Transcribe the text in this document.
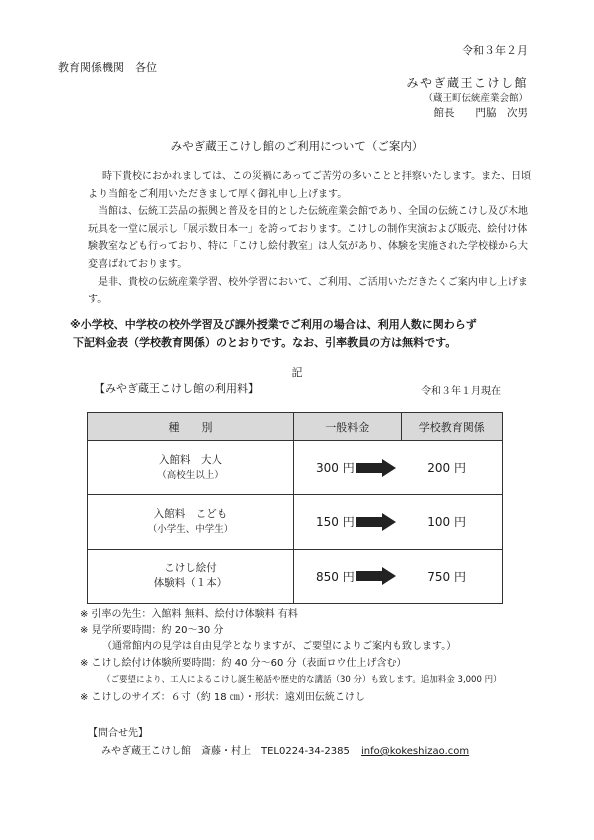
令和３年２月
教育関係機関　各位
みやぎ蔵王こけし館
（蔵王町伝統産業会館）
館長　　門脇　次男
みやぎ蔵王こけし館のご利用について（ご案内）

時下貴校におかれましては、この災禍にあってご苦労の多いことと拝察いたします。また、日頃より当館をご利用いただきまして厚く御礼申し上げます。

当館は、伝統工芸品の振興と普及を目的とした伝統産業会館であり、全国の伝統こけし及び木地玩具を一堂に展示し「展示数日本一」を誇っております。こけしの制作実演および販売、絵付け体験教室なども行っており、特に「こけし絵付教室」は人気があり、体験を実施された学校様から大変喜ばれております。

是非、貴校の伝統産業学習、校外学習において、ご利用、ご活用いただきたくご案内申し上げます。

※小学校、中学校の校外学習及び課外授業でご利用の場合は、利用人数に関わらず
下記料金表（学校教育関係）のとおりです。なお、引率教員の方は無料です。
記
【みやぎ蔵王こけし館の利用料】	令和３年１月現在
種　　別	一般料金	学校教育関係

入館料　大人
（高校生以上）	300 円	200 円

入館料　こども
（小学生、中学生）	150 円	100 円

こけし絵付
体験料（１本）	850 円	750 円
※ 引率の先生：入館料 無料、絵付け体験料 有料
※ 見学所要時間：約 20～30 分
（通常館内の見学は自由見学となりますが、ご要望によりご案内も致します。）
※ こけし絵付け体験所要時間：約 40 分～60 分（表面ロウ仕上げ含む）
（ご要望により、工人によるこけし誕生秘話や歴史的な講話（30 分）も致します。追加料金 3,000 円）
※ こけしのサイズ：６寸（約 18 ㎝）・形状：遠刈田伝統こけし
【問合せ先】
みやぎ蔵王こけし館　斎藤・村上　TEL0224-34-2385 info@kokeshizao.com
